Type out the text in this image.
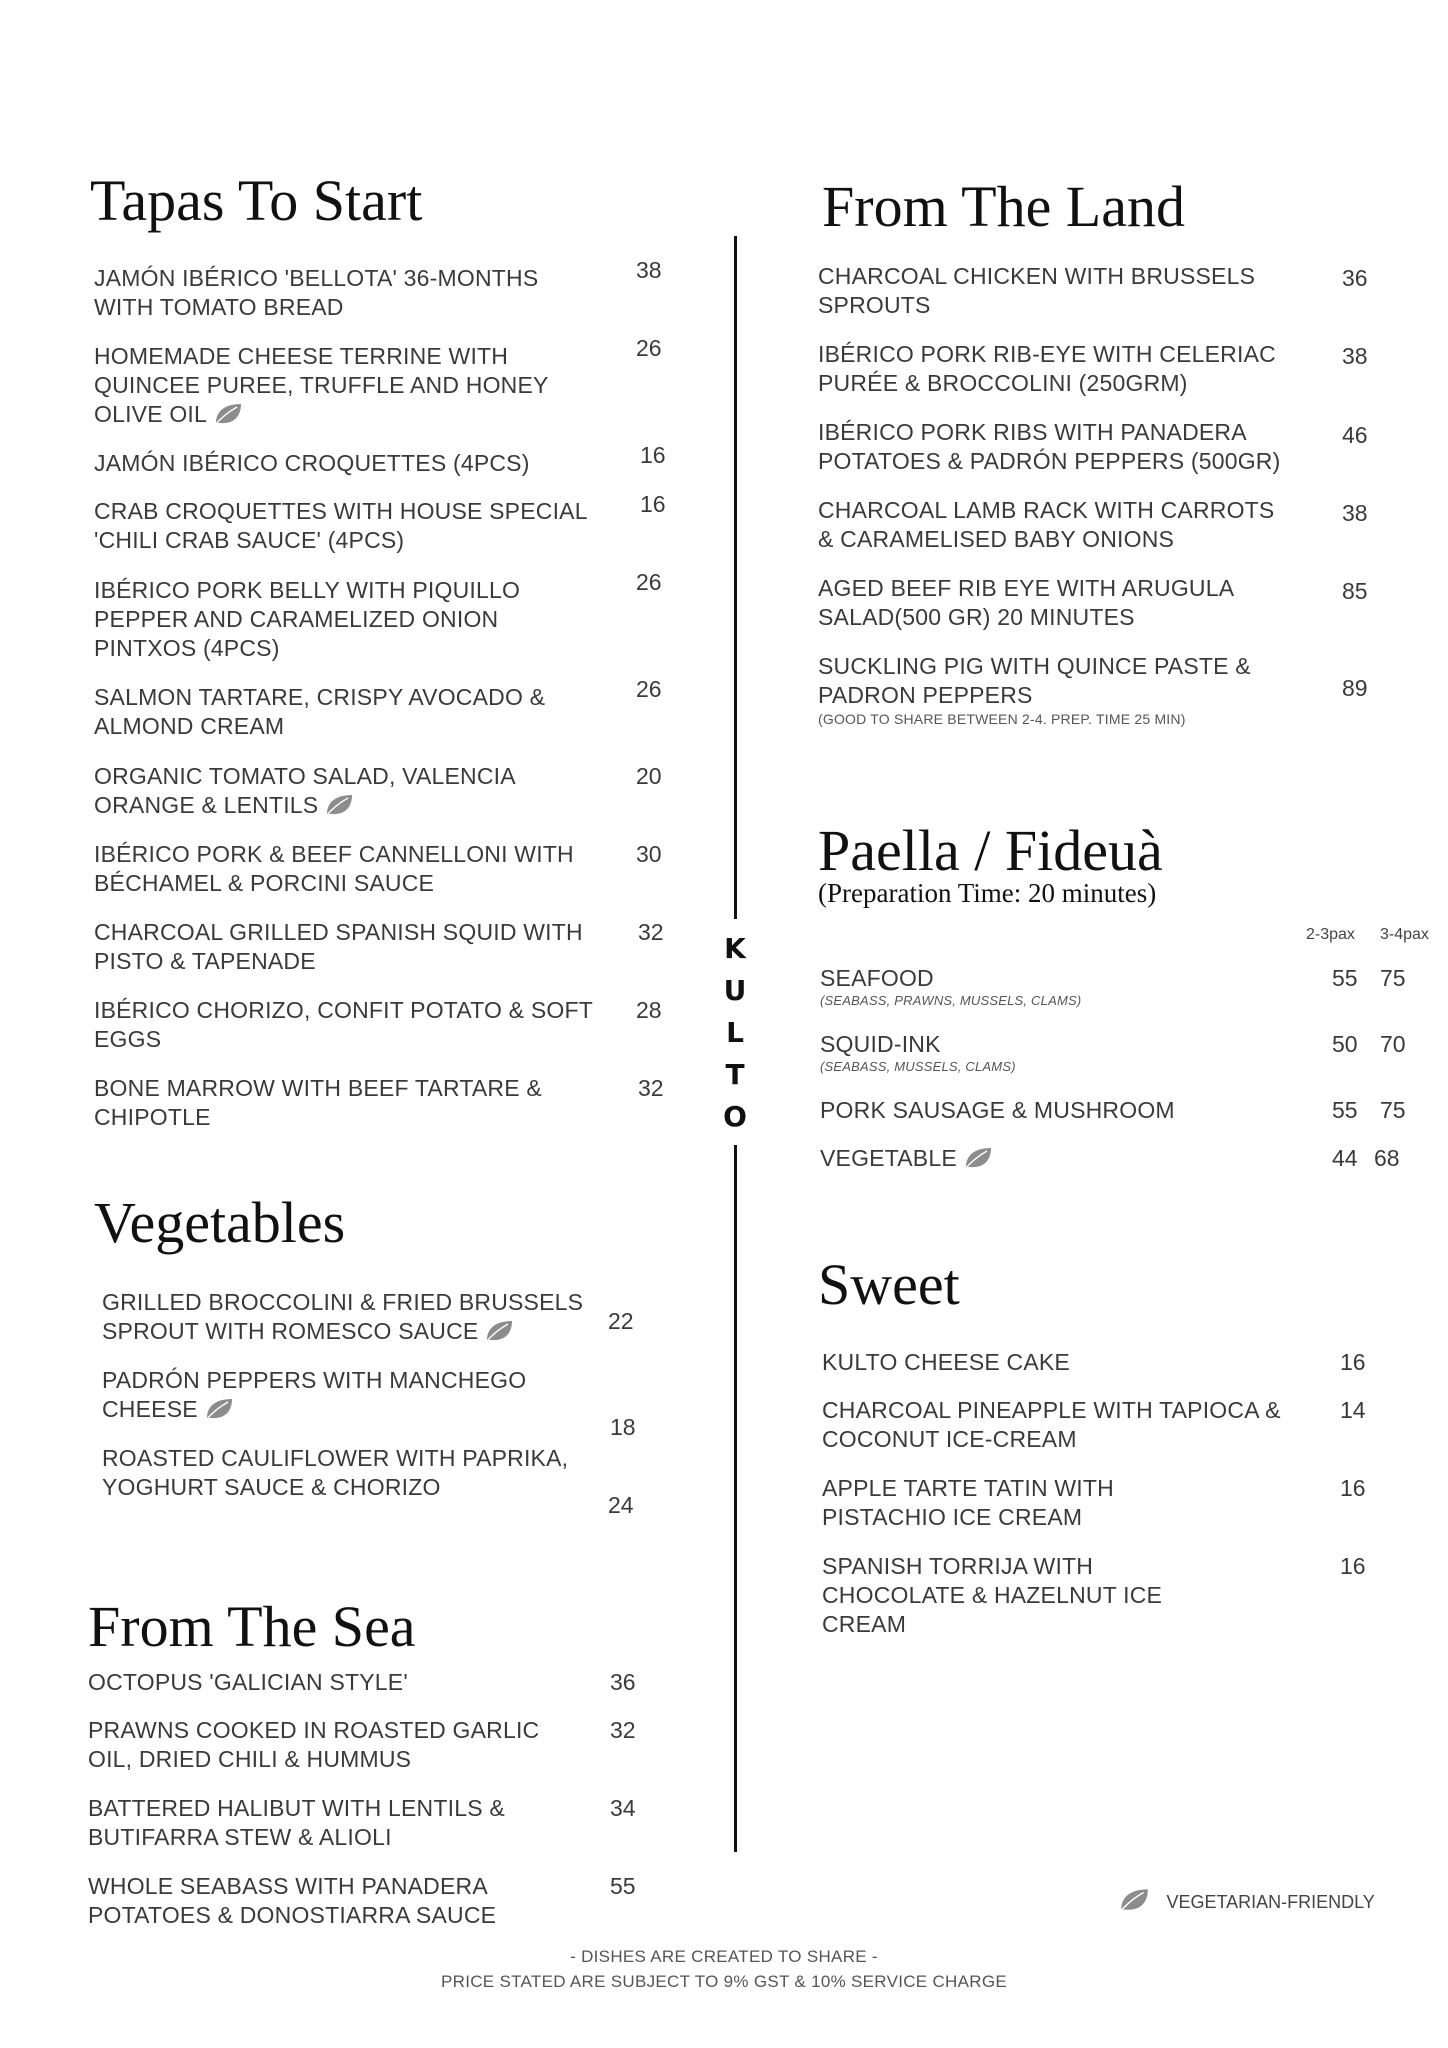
Tapas To Start
JAMÓN IBÉRICO 'BELLOTA' 36-MONTHS WITH TOMATO BREAD
38
HOMEMADE CHEESE TERRINE WITH QUINCEE PUREE, TRUFFLE AND HONEY OLIVE OIL
26
JAMÓN IBÉRICO CROQUETTES (4PCS)	16
CRAB CROQUETTES WITH HOUSE SPECIAL 'CHILI CRAB SAUCE' (4PCS)
16
IBÉRICO PORK BELLY WITH PIQUILLO PEPPER AND CARAMELIZED ONION PINTXOS (4PCS)
26
SALMON TARTARE, CRISPY AVOCADO & ALMOND CREAM
26
ORGANIC TOMATO SALAD, VALENCIA ORANGE & LENTILS
20
IBÉRICO PORK & BEEF CANNELLONI WITH BÉCHAMEL & PORCINI SAUCE
30
CHARCOAL GRILLED SPANISH SQUID WITH PISTO & TAPENADE
32
IBÉRICO CHORIZO, CONFIT POTATO & SOFT EGGS
28
BONE MARROW WITH BEEF TARTARE & CHIPOTLE
32
Vegetables
GRILLED BROCCOLINI & FRIED BRUSSELS SPROUT WITH ROMESCO SAUCE	22
PADRÓN PEPPERS WITH MANCHEGO CHEESE
18
ROASTED CAULIFLOWER WITH PAPRIKA, YOGHURT SAUCE & CHORIZO
24
From The Sea
OCTOPUS 'GALICIAN STYLE'	36
PRAWNS COOKED IN ROASTED GARLIC OIL, DRIED CHILI & HUMMUS
32
BATTERED HALIBUT WITH LENTILS & BUTIFARRA STEW & ALIOLI
34
WHOLE SEABASS WITH PANADERA POTATOES & DONOSTIARRA SAUCE
55
K
U
L
T
O
From The Land
CHARCOAL CHICKEN WITH BRUSSELS SPROUTS
36
IBÉRICO PORK RIB-EYE WITH CELERIAC PURÉE & BROCCOLINI (250GRM)
38
IBÉRICO PORK RIBS WITH PANADERA POTATOES & PADRÓN PEPPERS (500GR)
46
CHARCOAL LAMB RACK WITH CARROTS & CARAMELISED BABY ONIONS
38
AGED BEEF RIB EYE WITH ARUGULA SALAD(500 GR) 20 MINUTES
85
SUCKLING PIG WITH QUINCE PASTE & PADRON PEPPERS
(GOOD TO SHARE BETWEEN 2-4. PREP. TIME 25 MIN)
89
Paella / Fideuà
(Preparation Time: 20 minutes)
2-3pax 3-4pax
SEAFOOD
(SEABASS, PRAWNS, MUSSELS, CLAMS)
55 75
SQUID-INK
(SEABASS, MUSSELS, CLAMS)
50 70
PORK SAUSAGE & MUSHROOM	55 75
VEGETABLE	44 68
Sweet
KULTO CHEESE CAKE	16
CHARCOAL PINEAPPLE WITH TAPIOCA & COCONUT ICE-CREAM
14
APPLE TARTE TATIN WITH PISTACHIO ICE CREAM
16
SPANISH TORRIJA WITH CHOCOLATE & HAZELNUT ICE CREAM
16
VEGETARIAN-FRIENDLY
- DISHES ARE CREATED TO SHARE -
PRICE STATED ARE SUBJECT TO 9% GST & 10% SERVICE CHARGE
